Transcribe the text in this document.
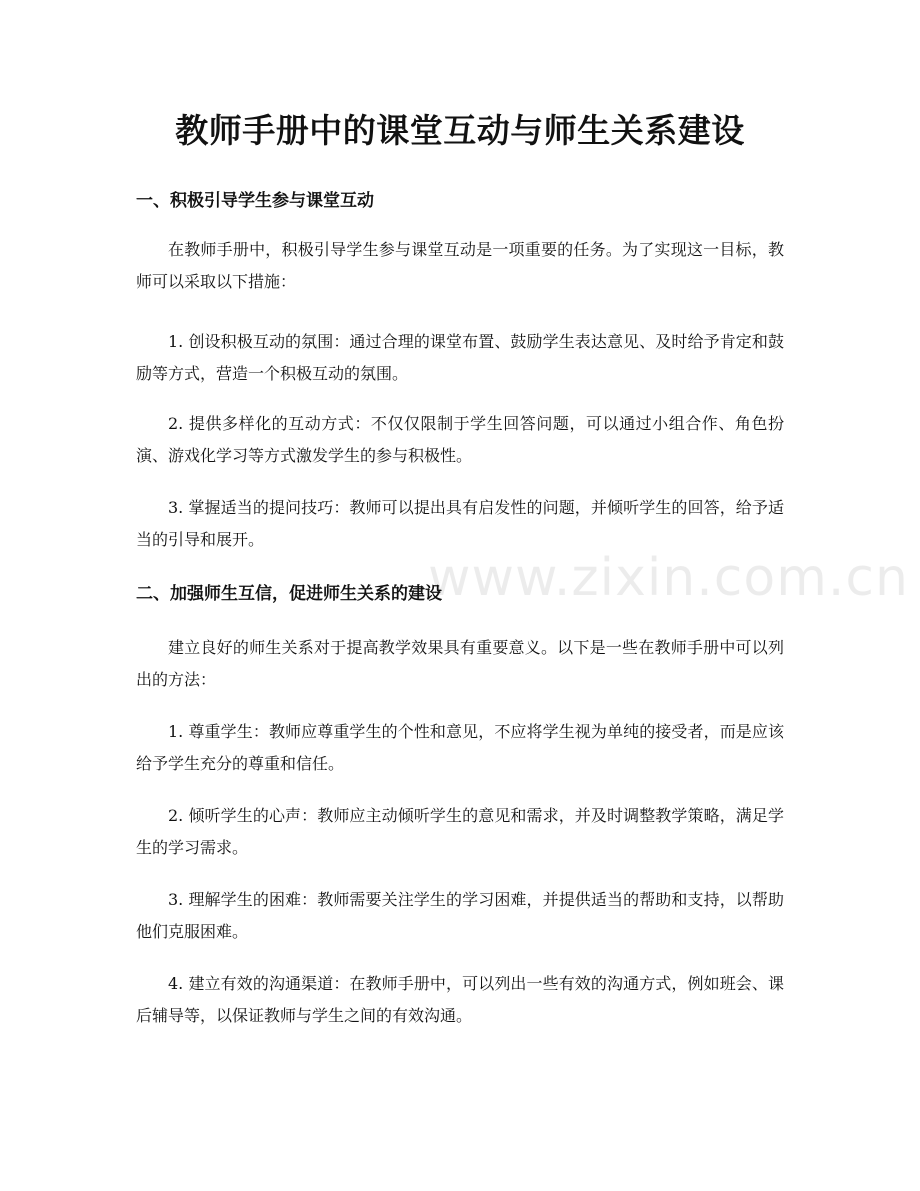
教师手册中的课堂互动与师生关系建设
一、积极引导学生参与课堂互动

在教师手册中，积极引导学生参与课堂互动是一项重要的任务。为了实现这一目标，教师可以采取以下措施：

1. 创设积极互动的氛围：通过合理的课堂布置、鼓励学生表达意见、及时给予肯定和鼓励等方式，营造一个积极互动的氛围。

2. 提供多样化的互动方式：不仅仅限制于学生回答问题，可以通过小组合作、角色扮演、游戏化学习等方式激发学生的参与积极性。

3. 掌握适当的提问技巧：教师可以提出具有启发性的问题，并倾听学生的回答，给予适当的引导和展开。

www.zixin.com.cn
二、加强师生互信，促进师生关系的建设

建立良好的师生关系对于提高教学效果具有重要意义。以下是一些在教师手册中可以列出的方法：

1. 尊重学生：教师应尊重学生的个性和意见，不应将学生视为单纯的接受者，而是应该给予学生充分的尊重和信任。

2. 倾听学生的心声：教师应主动倾听学生的意见和需求，并及时调整教学策略，满足学生的学习需求。

3. 理解学生的困难：教师需要关注学生的学习困难，并提供适当的帮助和支持，以帮助他们克服困难。

4. 建立有效的沟通渠道：在教师手册中，可以列出一些有效的沟通方式，例如班会、课后辅导等，以保证教师与学生之间的有效沟通。
